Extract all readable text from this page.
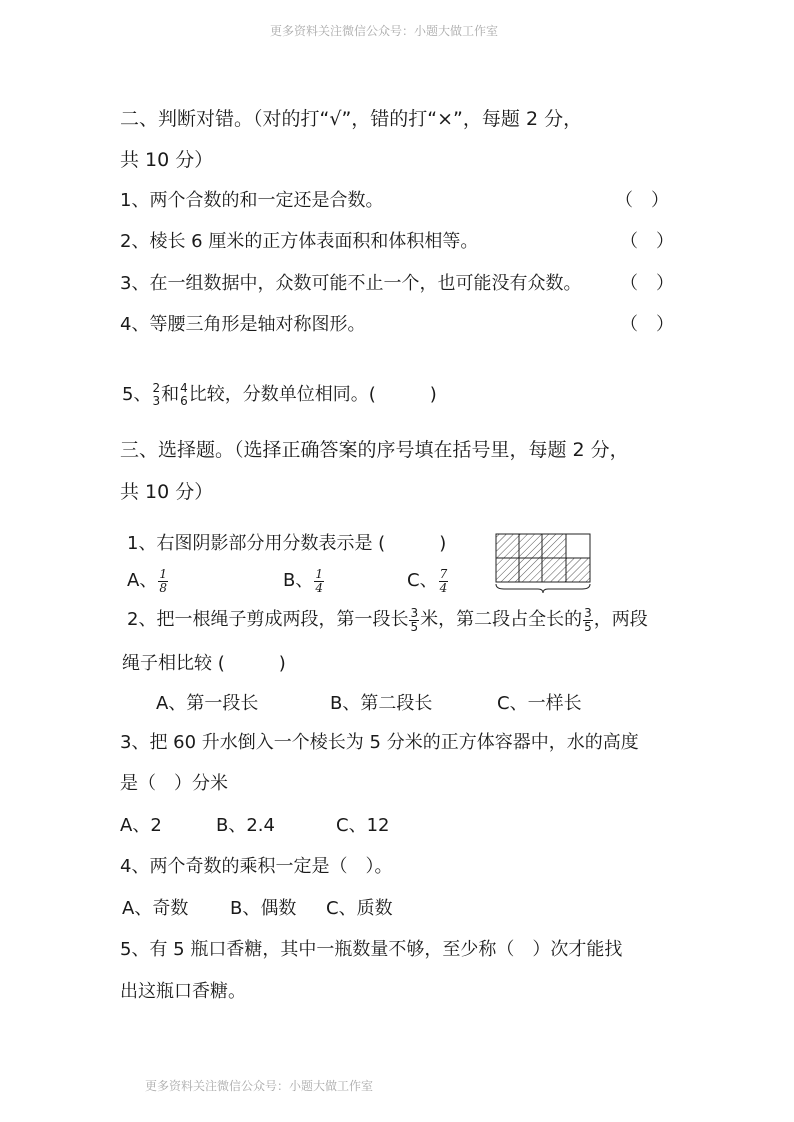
更多资料关注微信公众号：小题大做工作室
二、判断对错。（对的打“√”，错的打“×”，每题 2 分，
共 10 分）
1、两个合数的和一定还是合数。	（　）
2、棱长 6 厘米的正方体表面积和体积相等。	（　）
3、在一组数据中，众数可能不止一个，也可能没有众数。 （　）
4、等腰三角形是轴对称图形。	（　）
5、 2
3 和 4
6 比较，分数单位相同。(　　　)
三、选择题。（选择正确答案的序号填在括号里，每题 2 分，
共 10 分）
1、右图阴影部分用分数表示是 (　　　)
A、 $\frac{1}{8}$	B、 $\frac{1}{4}$	C、 $\frac{7}{4}$
2、把一根绳子剪成两段，第一段长 $\frac{3}{5}$ 米，第二段占全长的 $\frac{3}{5}$ ，两段
绳子相比较 (　　　)
A、第一段长	B、第二段长	C、一样长
3、把 60 升水倒入一个棱长为 5 分米的正方体容器中，水的高度
是（　）分米
A、2	B、2.4	C、12
4、两个奇数的乘积一定是（　）。
A、奇数 B、偶数 C、质数
5、有 5 瓶口香糖，其中一瓶数量不够，至少称（　）次才能找
出这瓶口香糖。
更多资料关注微信公众号：小题大做工作室
